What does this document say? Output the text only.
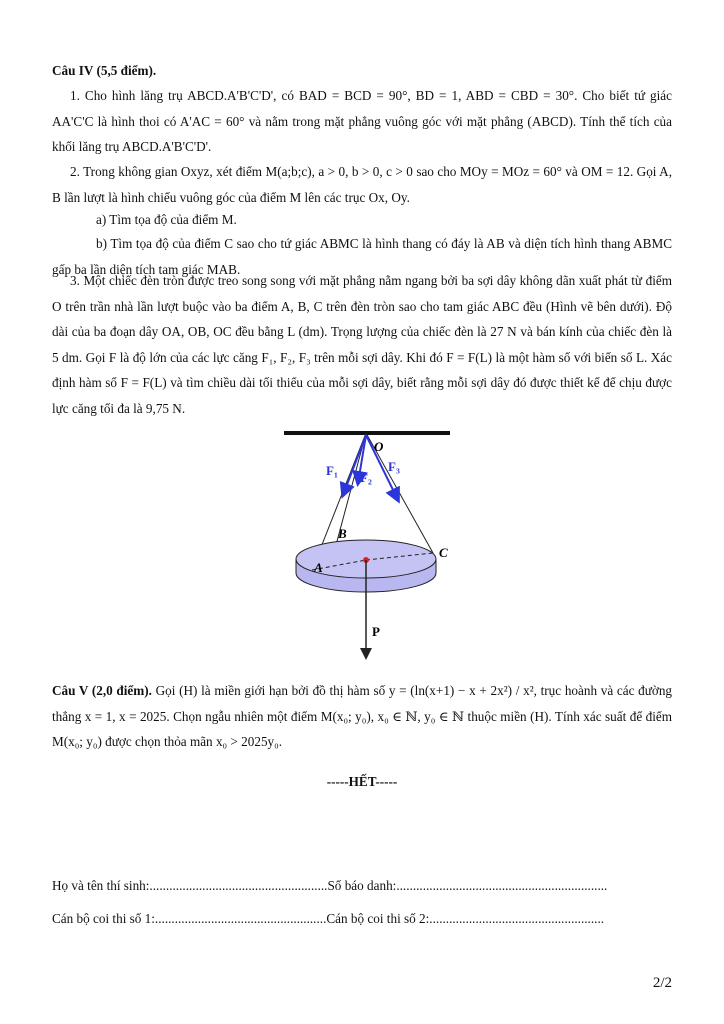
Câu IV (5,5 điểm).

1. Cho hình lăng trụ ABCD.A'B'C'D', có BAD = BCD = 90°, BD = 1, ABD = CBD = 30°. Cho biết tứ giác AA'C'C là hình thoi có A'AC = 60° và nằm trong mặt phẳng vuông góc với mặt phẳng (ABCD). Tính thể tích của khối lăng trụ ABCD.A'B'C'D'.

2. Trong không gian Oxyz, xét điểm M(a;b;c), a > 0, b > 0, c > 0 sao cho MOy = MOz = 60° và OM = 12. Gọi A, B lần lượt là hình chiếu vuông góc của điểm M lên các trục Ox, Oy.

a) Tìm tọa độ của điểm M.

b) Tìm tọa độ của điểm C sao cho tứ giác ABMC là hình thang có đáy là AB và diện tích hình thang ABMC gấp ba lần diện tích tam giác MAB.

3. Một chiếc đèn tròn được treo song song với mặt phẳng nằm ngang bởi ba sợi dây không dãn xuất phát từ điểm O trên trần nhà lần lượt buộc vào ba điểm A, B, C trên đèn tròn sao cho tam giác ABC đều (Hình vẽ bên dưới). Độ dài của ba đoạn dây OA, OB, OC đều bằng L (dm). Trọng lượng của chiếc đèn là 27 N và bán kính của chiếc đèn là 5 dm. Gọi F là độ lớn của các lực căng F₁, F₂, F₃ trên mỗi sợi dây. Khi đó F = F(L) là một hàm số với biến số L. Xác định hàm số F = F(L) và tìm chiều dài tối thiểu của mỗi sợi dây, biết rằng mỗi sợi dây đó được thiết kế để chịu được lực căng tối đa là 9,75 N.

O
F₁ F₂
F₃
A
B
C
P

Câu V (2,0 điểm). Gọi (H) là miền giới hạn bởi đồ thị hàm số y = (ln(x+1) − x + 2x²) / x², trục hoành và các đường thẳng x = 1, x = 2025. Chọn ngẫu nhiên một điểm M(x₀; y₀), x₀ ∈ ℕ, y₀ ∈ ℕ thuộc miền (H). Tính xác suất để điểm M(x₀; y₀) được chọn thỏa mãn x₀ > 2025y₀.

-----HẾT-----
Họ và tên thí sinh:......................................................Số báo danh:................................................................
Cán bộ coi thi số 1:....................................................Cán bộ coi thi số 2:.....................................................
2/2
